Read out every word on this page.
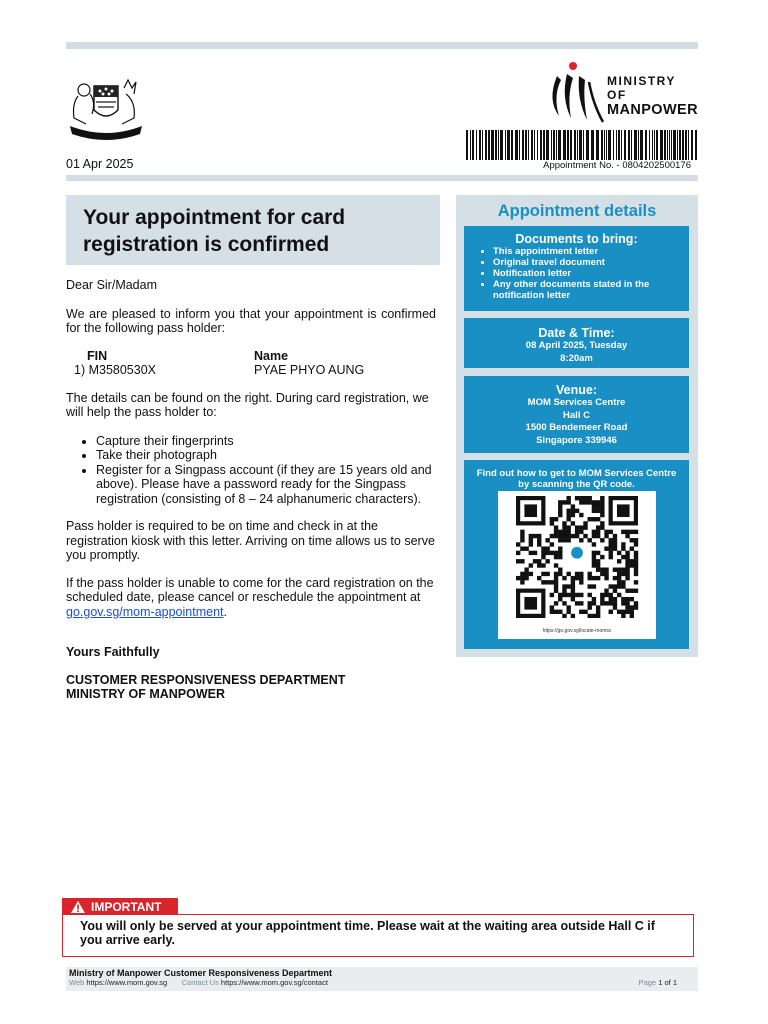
MINISTRY OF
MANPOWER
Appointment No. - 0804202500176
01 Apr 2025
Your appointment for card registration is confirmed

Dear Sir/Madam

We are pleased to inform you that your appointment is confirmed for the following pass holder:

FIN	Name
1) M3580530X	PYAE PHYO AUNG

The details can be found on the right. During card registration, we will help the pass holder to:

• Capture their fingerprints
• Take their photograph
• Register for a Singpass account (if they are 15 years old and above). Please have a password ready for the Singpass registration (consisting of 8 – 24 alphanumeric characters).

Pass holder is required to be on time and check in at the registration kiosk with this letter. Arriving on time allows us to serve you promptly.

If the pass holder is unable to come for the card registration on the scheduled date, please cancel or reschedule the appointment at go.gov.sg/mom-appointment.

Yours Faithfully

CUSTOMER RESPONSIVENESS DEPARTMENT

MINISTRY OF MANPOWER

Appointment details
Documents to bring:
• This appointment letter
• Original travel document
• Notification letter
• Any other documents stated in the notification letter
Date & Time:
08 April 2025, Tuesday
8:20am
Venue:
MOM Services Centre
Hall C
1500 Bendemeer Road
Singapore 339946
Find out how to get to MOM Services Centre by scanning the QR code.
https://go.gov.sg/locate-momsc
IMPORTANT
You will only be served at your appointment time. Please wait at the waiting area outside Hall C if you arrive early.
Ministry of Manpower Customer Responsiveness Department
Web https://www.mom.gov.sg Contact Us https://www.mom.gov.sg/contact	Page 1 of 1
